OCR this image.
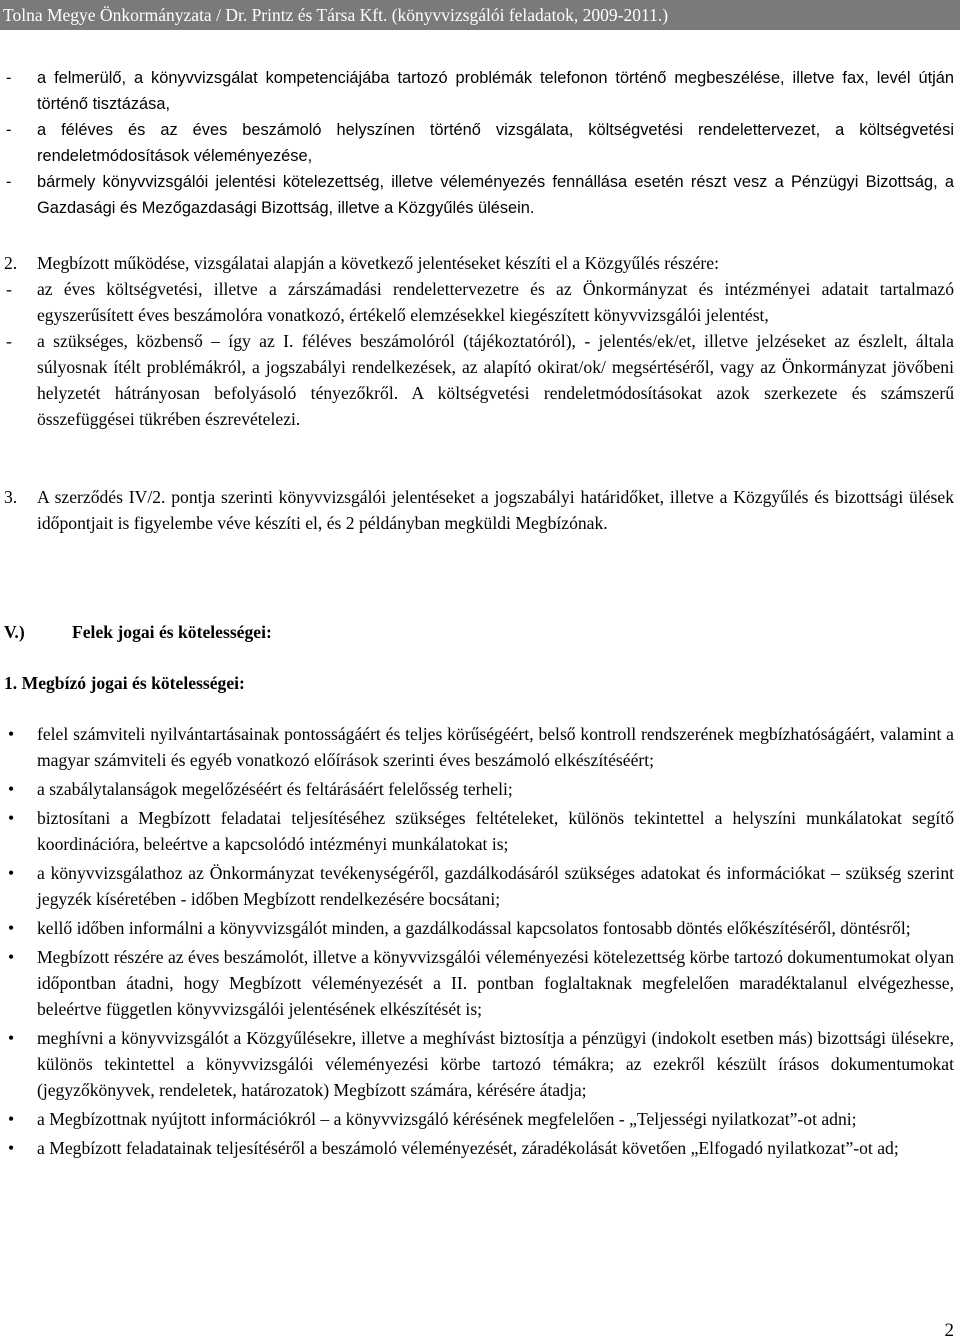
Tolna Megye Önkormányzata / Dr. Printz és Társa Kft. (könyvvizsgálói feladatok, 2009-2011.)
- a felmerülő, a könyvvizsgálat kompetenciájába tartozó problémák telefonon történő megbeszélése, illetve fax, levél útján történő tisztázása,
- a féléves és az éves beszámoló helyszínen történő vizsgálata, költségvetési rendelettervezet, a költségvetési rendeletmódosítások véleményezése,
- bármely könyvvizsgálói jelentési kötelezettség, illetve véleményezés fennállása esetén részt vesz a Pénzügyi Bizottság, a Gazdasági és Mezőgazdasági Bizottság, illetve a Közgyűlés ülésein.
2. Megbízott működése, vizsgálatai alapján a következő jelentéseket készíti el a Közgyűlés részére:
- az éves költségvetési, illetve a zárszámadási rendelettervezetre és az Önkormányzat és intézményei adatait tartalmazó egyszerűsített éves beszámolóra vonatkozó, értékelő elemzésekkel kiegészített könyvvizsgálói jelentést,
- a szükséges, közbenső – így az I. féléves beszámolóról (tájékoztatóról), - jelentés/ek/et, illetve jelzéseket az észlelt, általa súlyosnak ítélt problémákról, a jogszabályi rendelkezések, az alapító okirat/ok/ megsértéséről, vagy az Önkormányzat jövőbeni helyzetét hátrányosan befolyásoló tényezőkről. A költségvetési rendeletmódosításokat azok szerkezete és számszerű összefüggései tükrében észrevételezi.
3. A szerződés IV/2. pontja szerinti könyvvizsgálói jelentéseket a jogszabályi határidőket, illetve a Közgyűlés és bizottsági ülések időpontjait is figyelembe véve készíti el, és 2 példányban megküldi Megbízónak.
V.)	Felek jogai és kötelességei:
1. Megbízó jogai és kötelességei:
• felel számviteli nyilvántartásainak pontosságáért és teljes körűségéért, belső kontroll rendszerének megbízhatóságáért, valamint a magyar számviteli és egyéb vonatkozó előírások szerinti éves beszámoló elkészítéséért;
• a szabálytalanságok megelőzéséért és feltárásáért felelősség terheli;
• biztosítani a Megbízott feladatai teljesítéséhez szükséges feltételeket, különös tekintettel a helyszíni munkálatokat segítő koordinációra, beleértve a kapcsolódó intézményi munkálatokat is;
• a könyvvizsgálathoz az Önkormányzat tevékenységéről, gazdálkodásáról szükséges adatokat és információkat – szükség szerint jegyzék kíséretében - időben Megbízott rendelkezésére bocsátani;
• kellő időben informálni a könyvvizsgálót minden, a gazdálkodással kapcsolatos fontosabb döntés előkészítéséről, döntésről;
• Megbízott részére az éves beszámolót, illetve a könyvvizsgálói véleményezési kötelezettség körbe tartozó dokumentumokat olyan időpontban átadni, hogy Megbízott véleményezését a II. pontban foglaltaknak megfelelően maradéktalanul elvégezhesse, beleértve független könyvvizsgálói jelentésének elkészítését is;
• meghívni a könyvvizsgálót a Közgyűlésekre, illetve a meghívást biztosítja a pénzügyi (indokolt esetben más) bizottsági ülésekre, különös tekintettel a könyvvizsgálói véleményezési körbe tartozó témákra; az ezekről készült írásos dokumentumokat (jegyzőkönyvek, rendeletek, határozatok) Megbízott számára, kérésére átadja;
• a Megbízottnak nyújtott információkról – a könyvvizsgáló kérésének megfelelően - „Teljességi nyilatkozat”-ot adni;
• a Megbízott feladatainak teljesítéséről a beszámoló véleményezését, záradékolását követően „Elfogadó nyilatkozat”-ot ad;
2
